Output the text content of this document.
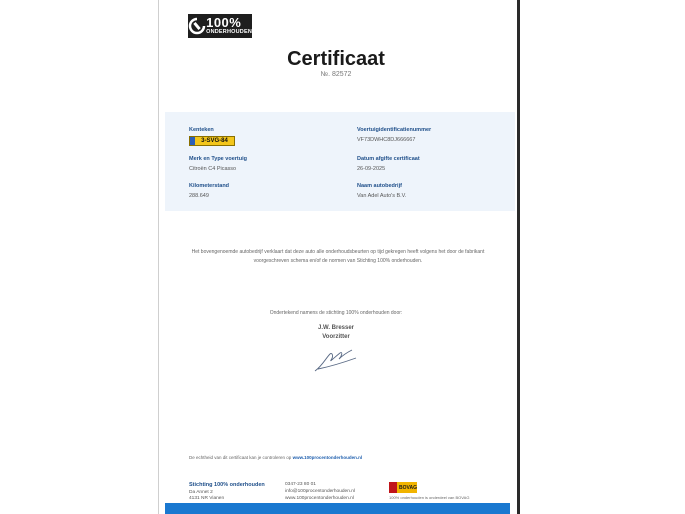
100%
ONDERHOUDEN
Certificaat
№. 82572
Kenteken
3-SVG-84
Voertuigidentificatienummer
VF73DWHC8DJ666667
Merk en Type voertuig
Citroën C4 Picasso
Datum afgifte certificaat
26-09-2025
Kilometerstand
288.649
Naam autobedrijf
Van Adel Auto's B.V.
Het bovengenoemde autobedrijf verklaart dat deze auto alle onderhoudsbeurten op tijd gekregen heeft volgens het door de fabrikant
voorgeschreven schema en/of de normen van Stichting 100% onderhouden.
Ondertekend namens de stichting 100% onderhouden door:
J.W. Bresser
Voorzitter
De echtheid van dit certificaat kan je controleren op www.100procentonderhouden.nl
Stichting 100% onderhouden
Da Annet 2
4131 NR Vianen
0347-23 80 01
info@100procentonderhouden.nl
www.100procentonderhouden.nl
BOVAG
100% onderhouden is onderdeel van BOVAG
